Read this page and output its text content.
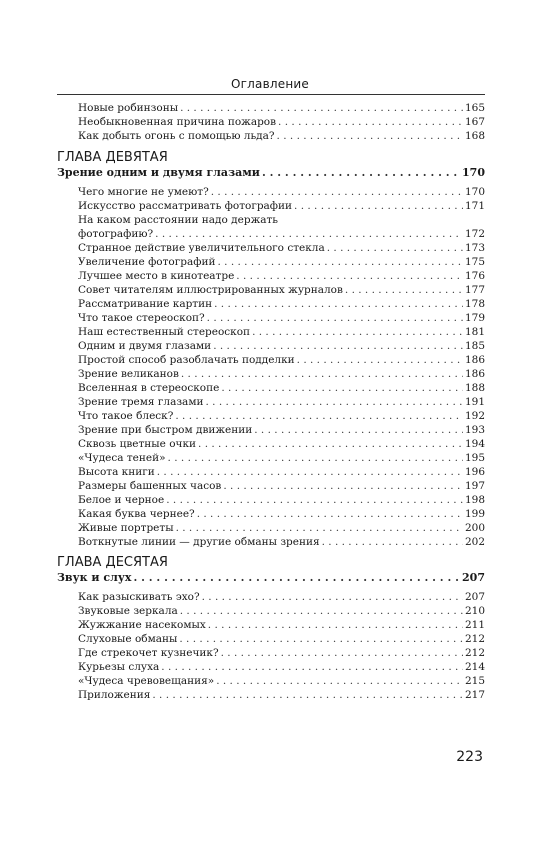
Оглавление
Новые робинзоны . . .	165
Необыкновенная причина пожаров . . .	167
Как добыть огонь с помощью льда? . . .	168
ГЛАВА ДЕВЯТАЯ
Зрение одним и двумя глазами . . .	170
Чего многие не умеют? . . .	170
Искусство рассматривать фотографии . . .	171
На каком расстоянии надо держать
фотографию? . . .	172
Странное действие увеличительного стекла . . .	173
Увеличение фотографий . . .	175
Лучшее место в кинотеатре . . .	176
Совет читателям иллюстрированных журналов . . .	177
Рассматривание картин . . .	178
Что такое стереоскоп? . . .	179
Наш естественный стереоскоп . . .	181
Одним и двумя глазами . . .	185
Простой способ разоблачать подделки . . .	186
Зрение великанов . . .	186
Вселенная в стереоскопе . . .	188
Зрение тремя глазами . . .	191
Что такое блеск? . . .	192
Зрение при быстром движении . . .	193
Сквозь цветные очки . . .	194
«Чудеса теней» . . .	195
Высота книги . . .	196
Размеры башенных часов . . .	197
Белое и черное . . .	198
Какая буква чернее? . . .	199
Живые портреты . . .	200
Воткнутые линии — другие обманы зрения . . .	202
ГЛАВА ДЕСЯТАЯ
Звук и слух . . .	207
Как разыскивать эхо? . . .	207
Звуковые зеркала . . .	210
Жужжание насекомых . . .	211
Слуховые обманы . . .	212
Где стрекочет кузнечик? . . .	212
Курьезы слуха . . .	214
«Чудеса чревовещания» . . .	215
Приложения . . .	217
223
